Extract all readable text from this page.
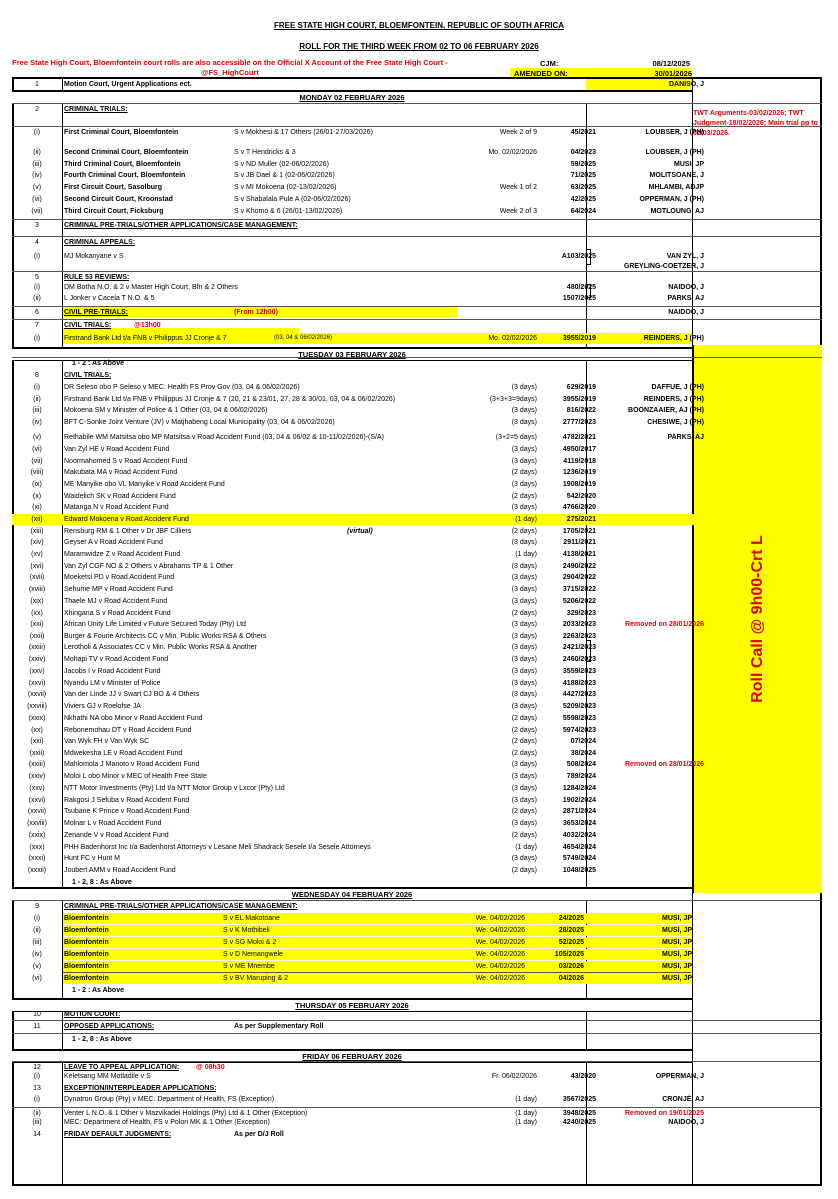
FREE STATE HIGH COURT, BLOEMFONTEIN, REPUBLIC OF SOUTH AFRICA
ROLL FOR THE THIRD WEEK FROM 02 TO 06 FEBRUARY 2026
Free State High Court, Bloemfontein court rolls are also accessible on the Official X Account of the Free State High Court - @FS_HighCourt
CJM:	08/12/2025
AMENDED ON:	30/01/2026
TWT Arguments-03/02/2026; TWT Judgment-18/02/2026; Main trial pp to 02/03/2026.
Roll Call @ 9h00-Crt L
MONDAY 02 FEBRUARY 2026
TUESDAY 03 FEBRUARY 2026
WEDNESDAY 04 FEBRUARY 2026
THURSDAY 05 FEBRUARY 2026
FRIDAY 06 FEBRUARY 2026
1	Motion Court, Urgent Applications ect.	DANISO, J
2	CRIMINAL TRIALS:
(i)	First Criminal Court, Bloemfontein	S v Mokhesi & 17 Others (26/01-27/03/2026)	Week 2 of 9	45/2021	LOUBSER, J (PH)
(ii)	Second Criminal Court, Bloemfontein	S v T Hendricks & 3	Mo. 02/02/2026	04/2023	LOUBSER, J (PH)
(iii)	Third Criminal Court, Bloemfontein	S v ND Muller (02-06/02/2026)	59/2025	MUSI, JP
(iv)	Fourth Criminal Court, Bloemfontein	S v JB Dael & 1 (02-06/02/2026)	71/2025	MOLITSOANE, J
(v)	First Circuit Court, Sasolburg	S v MI Mokoena (02-13/02/2026)	Week 1 of 2	63/2025	MHLAMBI, ADJP
(vi)	Second Circuit Court, Kroonstad	S v Shabalala Pule A (02-06/02/2026)	42/2025	OPPERMAN, J (PH)
(vii)	Third Circuit Court, Ficksburg	S v Khomo & 6 (26/01-13/02/2026)	Week 2 of 3	64/2024	MOTLOUNG, AJ
3	CRIMINAL PRE-TRIALS/OTHER APPLICATIONS/CASE MANAGEMENT:
4	CRIMINAL APPEALS:
(i)	MJ Mokanyane v S	A103/2025	VAN ZYL, J
GREYLING-COETZER, J
5	RULE 53 REVIEWS:
(i)	DM Botha N.O. & 2 v Master High Court, Bfn & 2 Others	480/2025	NAIDOO, J
(ii)	L Jonker v Cacela T N.O. & 5	1507/2025	PARKS, AJ
6	CIVIL PRE-TRIALS:	(From 12h00)	NAIDOO, J
7	CIVIL TRIALS:	@13h00
(i)	Firstrand Bank Ltd t/a FNB v Philippus JJ Cronje & 7	(03, 04 & 06/02/2026)	Mo. 02/02/2026	3955/2019	REINDERS, J (PH)
1 - 2 : As Above
8	CIVIL TRIALS:
(i)	DR Seleso obo P Seleso v MEC: Health FS Prov Gov (03, 04 & 06/02/2026)	(3 days)	629/2019	DAFFUE, J (PH)
(ii)	Firstrand Bank Ltd t/a FNB v Philippus JJ Cronje & 7 (20, 21 & 23/01, 27, 28 & 30/01, 03, 04 & 06/02/2026)	(3+3+3=9days)	3955/2019	REINDERS, J (PH)
(iii)	Mokoena SM v Minister of Police & 1 Other (03, 04 & 06/02/2026)	(3 days)	816/2022	BOONZAAIER, AJ (PH)
(iv)	BFT C-Sonke Joint Venture (JV) v Matjhabeng Local Municipality (03, 04 & 06/02/2026)	(3 days)	2777/2023	CHESIWE, J (PH)
(v)	Rethabile WM Matsitsa obo MP Matsitsa v Road Accident Fund (03, 04 & 06/02 & 10-11/02/2026)-(S/A)	(3+2=5 days)	4782/2021	PARKS, AJ
(vi)	Van Zyl HE v Road Accident Fund	(3 days)	4950/2017
(vii)	Noormahomed S v Road Accident Fund	(3 days)	4119/2018
(viii)	Makubata MA v Road Accident Fund	(2 days)	1236/2019
(ix)	ME Manyike obo VL Manyike v Road Accident Fund	(3 days)	1908/2019
(x)	Waidelich SK v Road Accident Fund	(2 days)	542/2020
(xi)	Matanga N v Road Accident Fund	(3 days)	4766/2020
(xii)	Edward Mokoena v Road Accident Fund	(1 day)	275/2021
(xiii)	Rensburg RM & 1 Other v Dr JBF Cilliers	(virtual)	(2 days)	1705/2021
(xiv)	Geyser A v Road Accident Fund	(3 days)	2911/2021
(xv)	Maramwidze Z v Road Accident Fund	(1 day)	4138/2021
(xvi)	Van Zyl CGF NO & 2 Others v Abrahams TP & 1 Other	(3 days)	2490/2022
(xvii)	Moeketsi PD v Road Accident Fund	(3 days)	2904/2022
(xviii)	Sehume MP v Road Accident Fund	(3 days)	3715/2022
(xix)	Thaele MJ v Road Accident Fund	(3 days)	5206/2022
(xx)	Xhingana S v Road Accident Fund	(2 days)	329/2023
(xxi)	African Unity Life Limited v Future Secured Today (Pty) Ltd	(3 days)	2033/2023	Removed on 28/01/2026
(xxii)	Burger & Fourie Architects CC v Min. Public Works RSA & Others	(3 days)	2263/2023
(xxiii)	Lerotholi & Associates CC v Min. Public Works RSA & Another	(3 days)	2421/2023
(xxiv)	Mohapi TV v Road Accident Fund	(3 days)	2460/2023
(xxv)	Jacobs I v Road Accident Fund	(3 days)	3559/2023
(xxvi)	Nyandu LM v Minister of Police	(3 days)	4188/2023
(xxvii)	Van der Linde JJ v Swart CJ BO & 4 Others	(3 days)	4427/2023
(xxviii)	Viviers GJ v Roelofse JA	(3 days)	5209/2023
(xxix)	Nkhathi NA obo Minor v Road Accident Fund	(2 days)	5598/2023
(xx)	Rebonemohau DT v Road Accident Fund	(2 days)	5974/2023
(xxi)	Van Wyk FH v Van Wyk SC	(2 days)	07/2024
(xxii)	Mdwekesha LE v Road Accident Fund	(2 days)	38/2024
(xxiii)	Mahlomola J Manoto v Road Accident Fund	(3 days)	508/2024	Removed on 28/01/2026
(xxiv)	Moloi L obo Minor v MEC of Health Free State	(3 days)	789/2024
(xxv)	NTT Motor Investments (Pty) Ltd t/a NTT Motor Group v Lxcor (Pty) Ltd	(3 days)	1284/2024
(xxvi)	Rakgosi J Sefuba v Road Accident Fund	(3 days)	1902/2024
(xxvii)	Tsubane K Prince v Road Accident Fund	(2 days)	2871/2024
(xxviii)	Molnar L v Road Accident Fund	(3 days)	3653/2024
(xxix)	Zenande V v Road Accident Fund	(2 days)	4032/2024
(xxx)	PHH Badenhorst Inc t/a Badenhorst Attorneys v Lesane Meli Shadrack Sesele t/a Sesele Attorneys	(1 day)	4654/2024
(xxxi)	Hunt FC v Hunt M	(3 days)	5749/2024
(xxxii)	Joubert AMM v Road Accident Fund	(2 days)	1048/2025
1 - 2, 8 : As Above
9	CRIMINAL PRE-TRIALS/OTHER APPLICATIONS/CASE MANAGEMENT:
(i)	Bloemfontein	S v EL Makotoane	We. 04/02/2026	24/2025	MUSI, JP
(ii)	Bloemfontein	S v K Mothibeli	We. 04/02/2026	28/2025	MUSI, JP
(iii)	Bloemfontein	S v SG Moloi & 2	We. 04/02/2026	52/2025	MUSI, JP
(iv)	Bloemfontein	S v D Nemangwele	We. 04/02/2026	105/2025	MUSI, JP
(v)	Bloemfontein	S v ME Mnembe	We. 04/02/2026	03/2026	MUSI, JP
(vi)	Bloemfontein	S v BV Maruping & 2	We. 04/02/2026	04/2026	MUSI, JP
1 - 2 : As Above
10	MOTION COURT:
11	OPPOSED APPLICATIONS:	As per Supplementary Roll
1 - 2, 8 : As Above
12	LEAVE TO APPEAL APPLICATION: @ 08h30
(i)	Keletsang MM Motladile v S	Fr. 06/02/2026	43/2020	OPPERMAN, J
13	EXCEPTION/INTERPLEADER APPLICATIONS:
(i)	Dynatron Group (Pty) v MEC: Department of Health, FS (Exception)	(1 day)	3567/2025	CRONJÉ, AJ
(ii)	Venter L N.O. & 1 Other v Mazvikadei Holdings (Pty) Ltd & 1 Other (Exception)	(1 day)	3948/2025	Removed on 19/01/2025
(iii)	MEC: Department of Health, FS v Polori MK & 1 Other (Exception)	(1 day)	4240/2025	NAIDOO, J
14	FRIDAY DEFAULT JUDGMENTS:	As per D/J Roll
